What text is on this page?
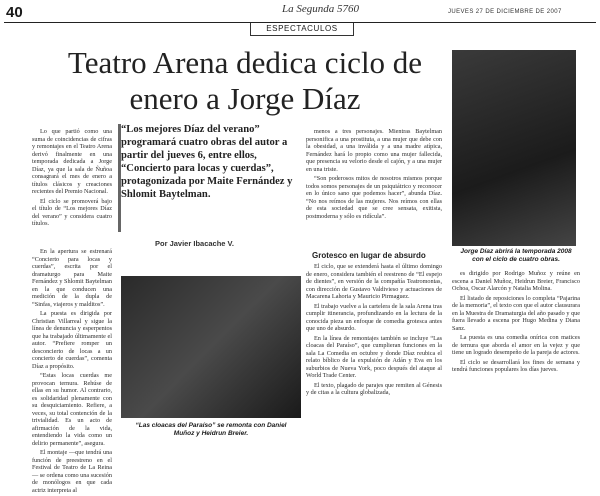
40	La Segunda 5760	JUEVES 27 DE DICIEMBRE DE 2007
ESPECTACULOS
Teatro Arena dedica ciclo de enero a Jorge Díaz

Lo que partió como una suma de coincidencias de cifras y remontajes en el Teatro Arena derivó finalmente en una temporada dedicada a Jorge Díaz, ya que la sala de Ñuñoa consagrará el mes de enero a títulos clásicos y creaciones recientes del Premio Nacional.

El ciclo se promoverá bajo el título de “Los mejores Díaz del verano” y considera cuatro títulos.

En la apertura se estrenará “Concierto para locas y cuerdas”, escrita por el dramaturgo para Maite Fernández y Shlomit Baytelman en la que conducen una medición de la dupla de “Sinfas, viajeros y malditos”.

La puesta es dirigida por Christian Villarreal y sigue la línea de denuncia y esperpentos que ha trabajado últimamente el autor. “Prefiere romper un desconcierto de locas a un concierto de cuerdas”, comenta Díaz a propósito.

“Estas locas cuerdas me provocan ternura. Rehúse de ellas en su humor. Al contrario, es solidaridad plenamente con su desquiciamiento. Refiere, a veces, su total contención de la trivialidad. Es un acto de afirmación de la vida, entendiendo la vida como un delirio permanente”, asegura.

El montaje —que tendrá una función de preestreno en el Festival de Teatro de La Reina— se ordena como una sucesión de monólogos en que cada actriz interpreta al

“Los mejores Díaz del verano” programará cuatro obras del autor a partir del jueves 6, entre ellos, “Concierto para locas y cuerdas”, protagonizada por Maite Fernández y Shlomit Baytelman.
Por Javier Ibacache V.
“Las cloacas del Paraíso” se remonta con Daniel Muñoz y Heidrun Breier.

menos a tres personajes. Mientras Baytelman personifica a una prostituta, a una mujer que debe con la obesidad, a una inválida y a una madre atípica, Fernández hará lo propio como una mujer fallecida, que presencia su velorio desde el cajón, y a una mujer en una triste.

“Son poderosos mitos de nosotros mismos porque todos somos personajes de un psiquiátrico y reconocer en lo único sano que podemos hacer”, abunda Díaz. “No nos reímos de las mujeres. Nos reímos con ellas de esta sociedad que se cree sensata, exitista, postmoderna y sólo es ridícula”.

Grotesco en lugar de absurdo

El ciclo, que se extenderá hasta el último domingo de enero, considera también el reestreno de “El espejo de dientes”, en versión de la compañía Teatromontas, con dirección de Gustavo Valdivieso y actuaciones de Macarena Lahoria y Mauricio Pirmaguez.

El trabajo vuelve a la cartelera de la sala Arena tras cumplir itinerancia, profundizando en la lectura de la conocida pieza un enfoque de comedia grotesca antes que uno de absurdo.

En la línea de remontajes también se incluye “Las cloacas del Paraíso”, que cumplieran funciones en la sala La Comedia en octubre y donde Díaz reubica el relato bíblico de la expulsión de Adán y Eva en los suburbios de Nueva York, poco después del ataque al World Trade Center.

El texto, plagado de parajes que remiten al Génesis y de citas a la cultura globalizada,

Jorge Díaz abrirá la temporada 2008 con el ciclo de cuatro obras.

es dirigido por Rodrigo Muñoz y reúne en escena a Daniel Muñoz, Heidrun Breier, Francisco Ochoa, Oscar Alarcón y Natalia Molina.

El listado de reposiciones lo completa “Pajarina de la memoria”, el texto con que el autor clausurara en la Muestra de Dramaturgia del año pasado y que fuera llevado a escena por Hugo Medina y Diana Sanz.

La puesta es una comedia onírica con matices de ternura que aborda el amor en la vejez y que tiene un logrado desempeño de la pareja de actores.

El ciclo se desarrollará los fines de semana y tendrá funciones populares los días jueves.
